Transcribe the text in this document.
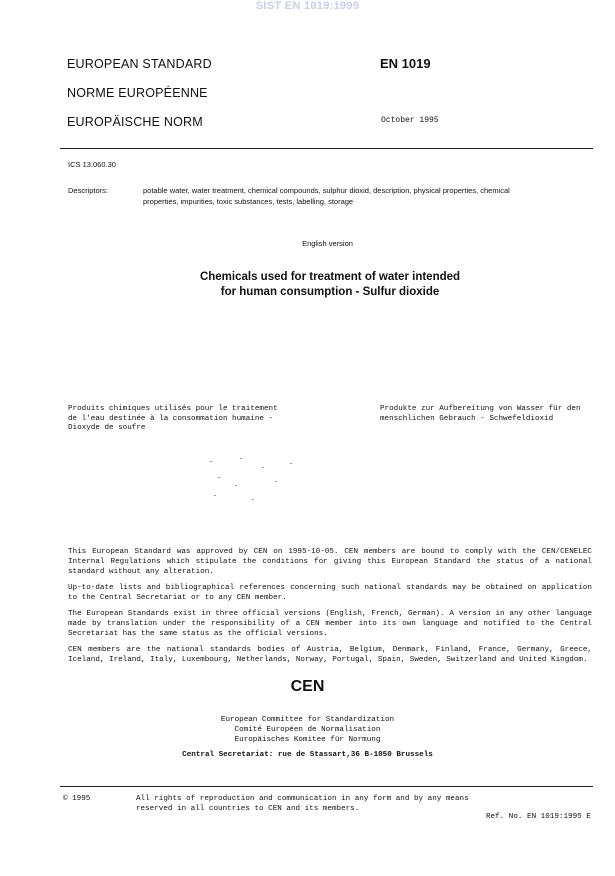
SIST EN 1019:1999
EUROPEAN STANDARD
NORME EUROPÉENNE
EUROPÄISCHE NORM
EN 1019
October 1995
ICS 13.060.30
Descriptors:	potable water, water treatment, chemical compounds, sulphur dioxid, description, physical properties, chemical
properties, impurities, toxic substances, tests, labelling, storage
English version
Chemicals used for treatment of water intended
for human consumption - Sulfur dioxide
Produits chimiques utilisés pour le traitement
de l'eau destinée à la consommation humaine -
Dioxyde de soufre
Produkte zur Aufbereitung von Wasser für den
menschlichen Gebrauch - Schwefeldioxid
This European Standard was approved by CEN on 1995-10-05. CEN members are bound to comply with the CEN/CENELEC Internal Regulations which stipulate the conditions for giving this European Standard the status of a national standard without any alteration.
Up-to-date lists and bibliographical references concerning such national standards may be obtained on application to the Central Secretariat or to any CEN member.
The European Standards exist in three official versions (English, French, German). A version in any other language made by translation under the responsibility of a CEN member into its own language and notified to the Central Secretariat has the same status as the official versions.
CEN members are the national standards bodies of Austria, Belgium, Denmark, Finland, France, Germany, Greece, Iceland, Ireland, Italy, Luxembourg, Netherlands, Norway, Portugal, Spain, Sweden, Switzerland and United Kingdom.
CEN
European Committee for Standardization
Comité Européen de Normalisation
Europäisches Komitee für Normung
Central Secretariat: rue de Stassart,36 B-1050 Brussels
© 1995	All rights of reproduction and communication in any form and by any means
reserved in all countries to CEN and its members.
Ref. No. EN 1019:1995 E
